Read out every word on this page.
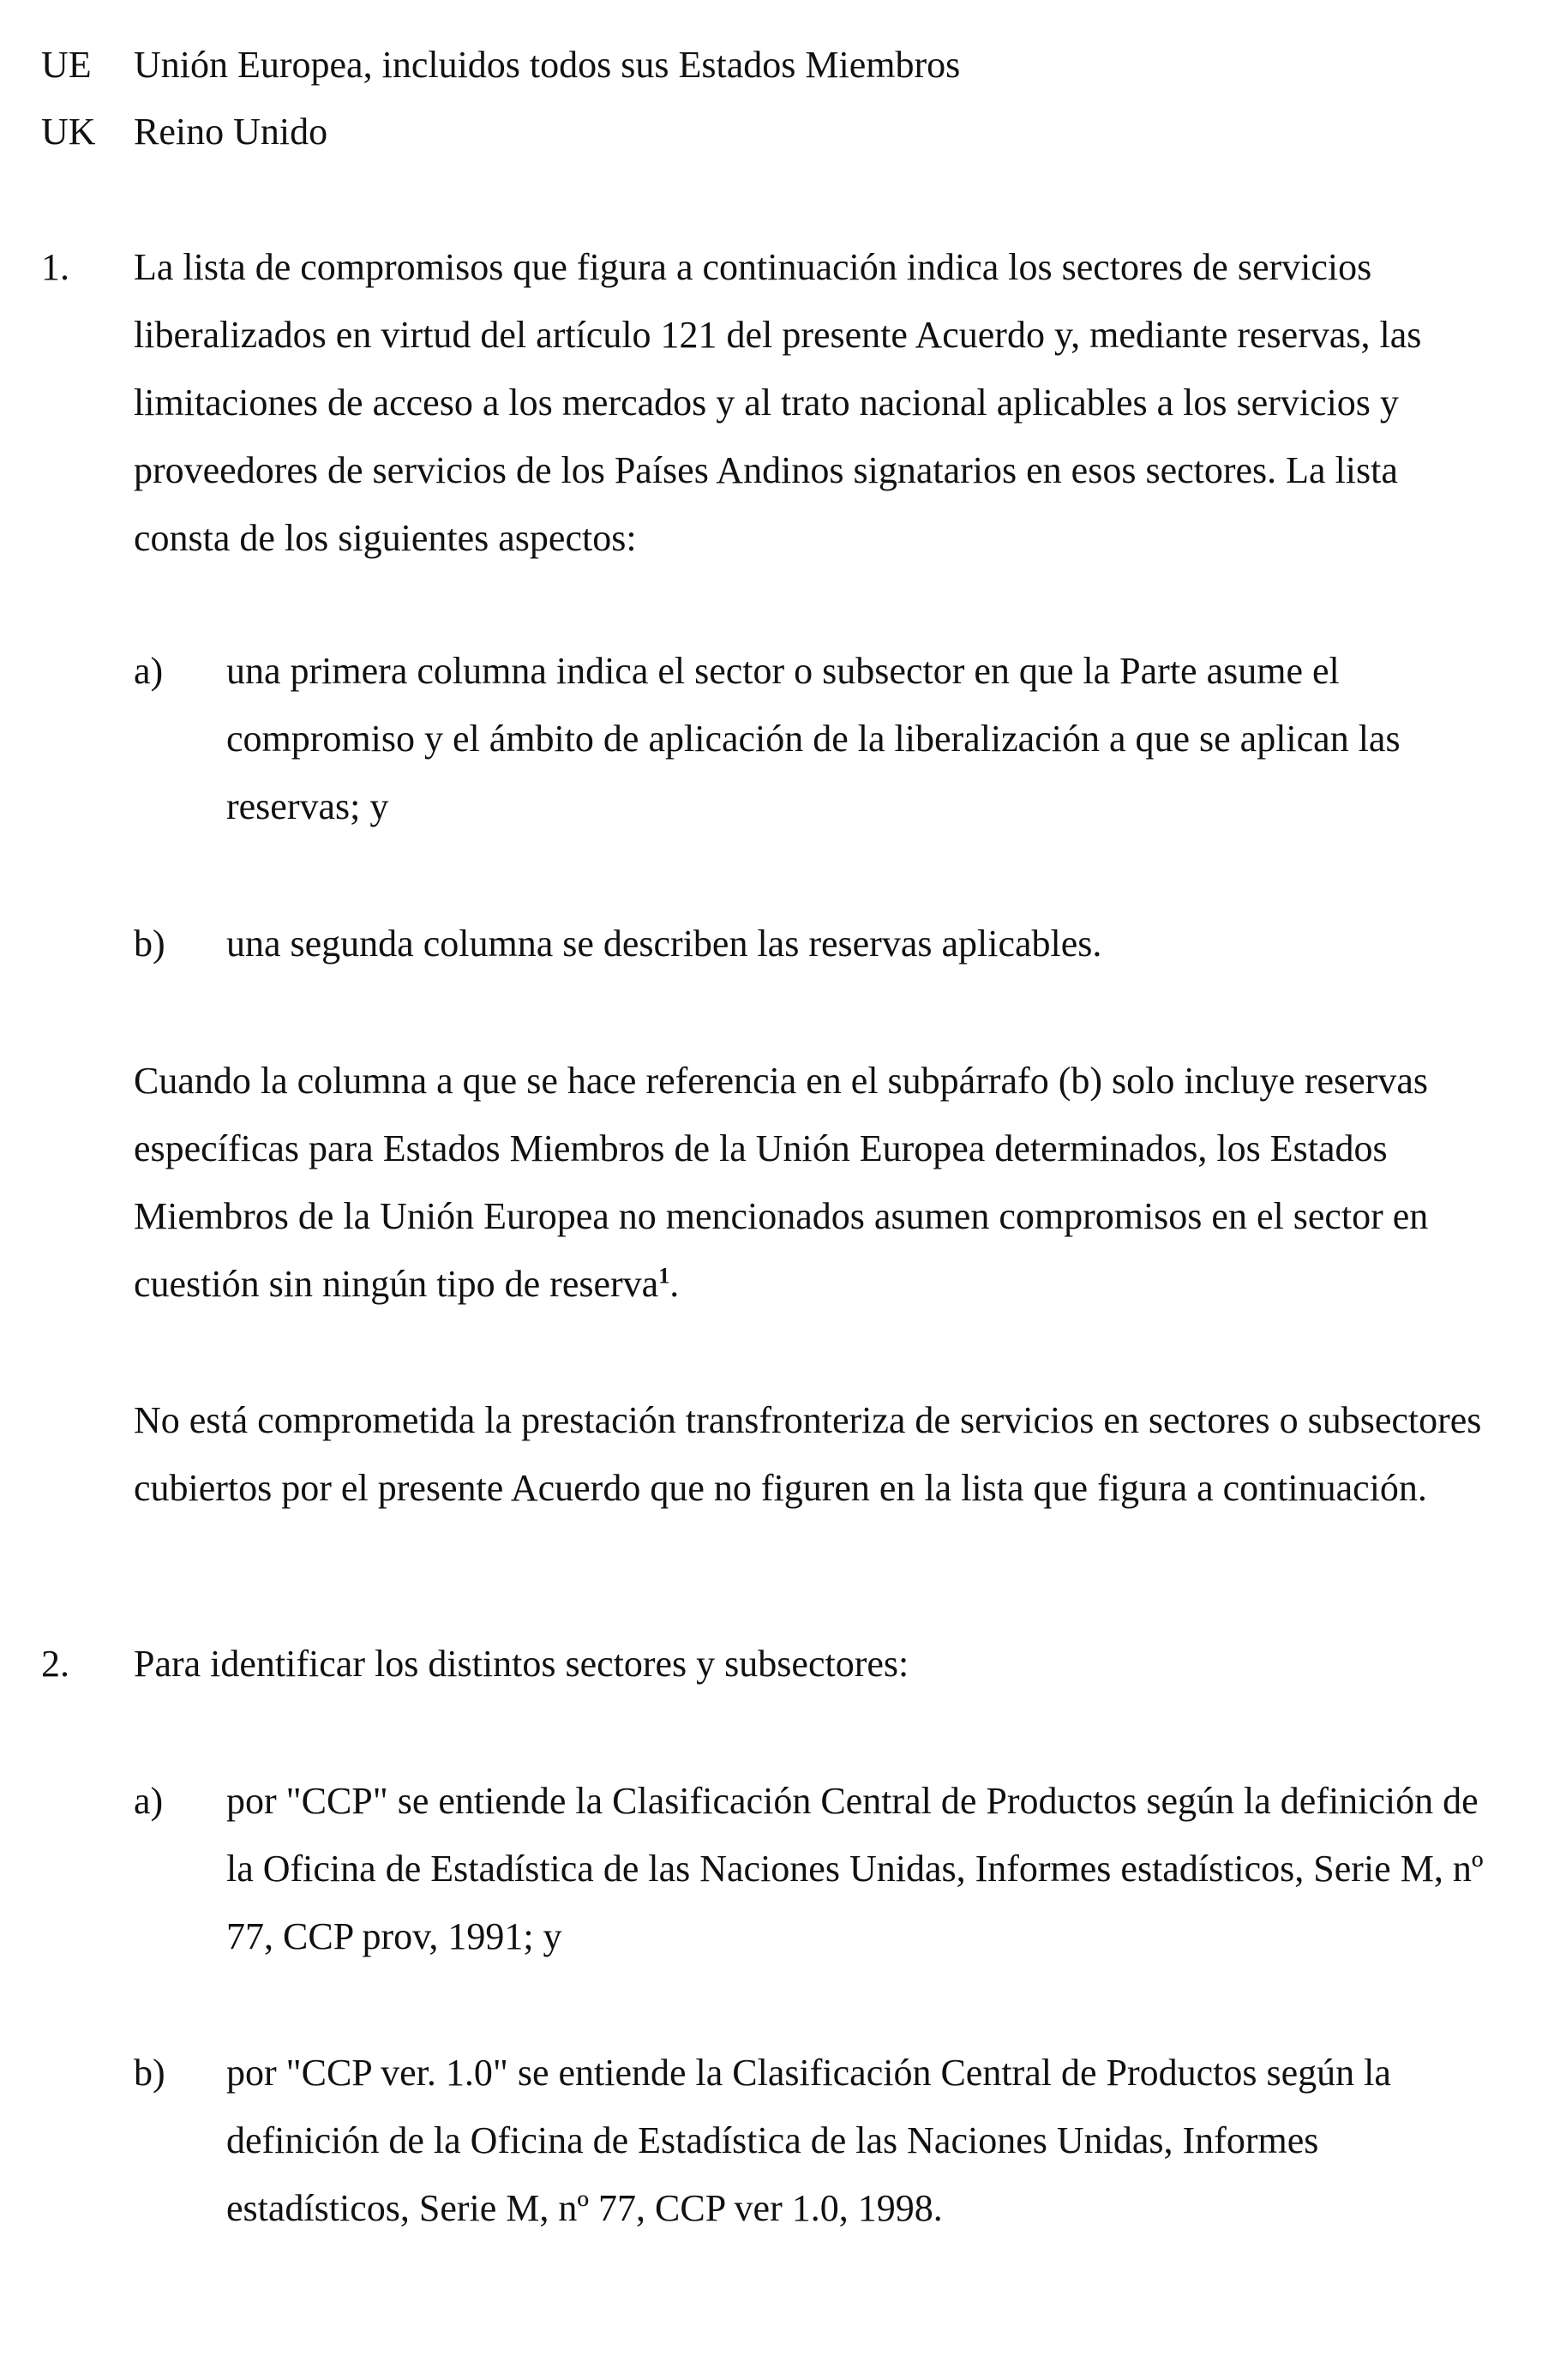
UE Unión Europea, incluidos todos sus Estados Miembros
UK Reino Unido
1. La lista de compromisos que figura a continuación indica los sectores de servicios liberalizados en virtud del artículo 121 del presente Acuerdo y, mediante reservas, las limitaciones de acceso a los mercados y al trato nacional aplicables a los servicios y proveedores de servicios de los Países Andinos signatarios en esos sectores. La lista consta de los siguientes aspectos:
a) una primera columna indica el sector o subsector en que la Parte asume el compromiso y el ámbito de aplicación de la liberalización a que se aplican las reservas; y
b) una segunda columna se describen las reservas aplicables.
Cuando la columna a que se hace referencia en el subpárrafo (b) solo incluye reservas específicas para Estados Miembros de la Unión Europea determinados, los Estados Miembros de la Unión Europea no mencionados asumen compromisos en el sector en cuestión sin ningún tipo de reserva$^1$.
No está comprometida la prestación transfronteriza de servicios en sectores o subsectores cubiertos por el presente Acuerdo que no figuren en la lista que figura a continuación.
2. Para identificar los distintos sectores y subsectores:
a) por "CCP" se entiende la Clasificación Central de Productos según la definición de la Oficina de Estadística de las Naciones Unidas, Informes estadísticos, Serie M, nº 77, CCP prov, 1991; y
b) por "CCP ver. 1.0" se entiende la Clasificación Central de Productos según la definición de la Oficina de Estadística de las Naciones Unidas, Informes estadísticos, Serie M, nº 77, CCP ver 1.0, 1998.
